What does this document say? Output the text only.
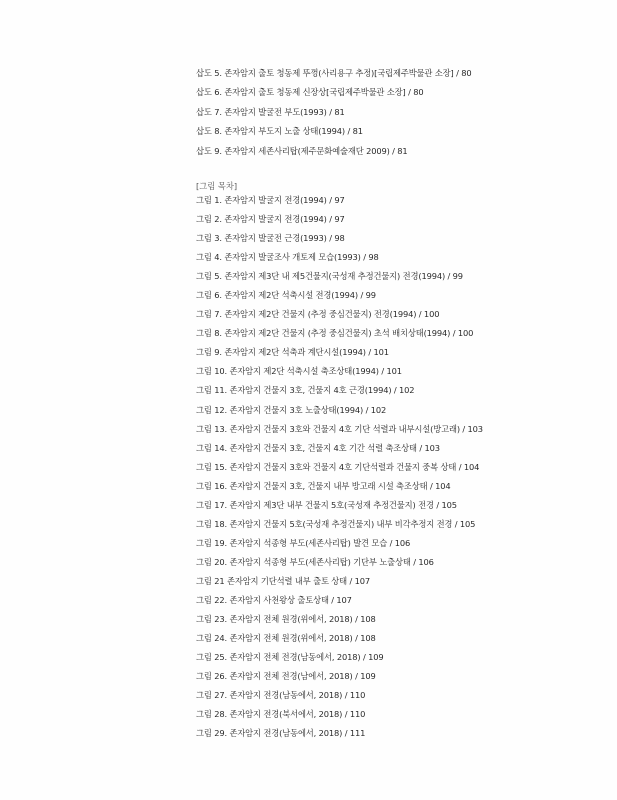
삽도 5. 존자암지 출토 청동제 뚜껑(사리용구 추정)[국립제주박물관 소장] / 80
삽도 6. 존자암지 출토 청동제 신장상[국립제주박물관 소장] / 80
삽도 7. 존자암지 발굴전 부도(1993) / 81
삽도 8. 존자암지 부도지 노출 상태(1994) / 81
삽도 9. 존자암지 세존사리탑(제주문화예술재단 2009) / 81
[그림 목차]
그림 1. 존자암지 발굴지 전경(1994) / 97
그림 2. 존자암지 발굴지 전경(1994) / 97
그림 3. 존자암지 발굴전 근경(1993) / 98
그림 4. 존자암지 발굴조사 개토제 모습(1993) / 98
그림 5. 존자암지 제3단 내 제5건물지(국성재 추정건물지) 전경(1994) / 99
그림 6. 존자암지 제2단 석축시설 전경(1994) / 99
그림 7. 존자암지 제2단 건물지 (추정 중심건물지) 전경(1994) / 100
그림 8. 존자암지 제2단 건물지 (추정 중심건물지) 초석 배치상태(1994) / 100
그림 9. 존자암지 제2단 석축과 계단시설(1994) / 101
그림 10. 존자암지 제2단 석축시설 축조상태(1994) / 101
그림 11. 존자암지 건물지 3호, 건물지 4호 근경(1994) / 102
그림 12. 존자암지 건물지 3호 노출상태(1994) / 102
그림 13. 존자암지 건물지 3호와 건물지 4호 기단 석렬과 내부시설(방고래) / 103
그림 14. 존자암지 건물지 3호, 건물지 4호 기간 석렬 축조상태 / 103
그림 15. 존자암지 건물지 3호와 건물지 4호 기단석렬과 건물지 중복 상태 / 104
그림 16. 존자암지 건물지 3호, 건물지 내부 방고래 시설 축조상태 / 104
그림 17. 존자암지 제3단 내부 건물지 5호(국성재 추정건물지) 전경 / 105
그림 18. 존자암지 건물지 5호(국성재 추정건물지) 내부 비각추정지 전경 / 105
그림 19. 존자암지 석종형 부도(세존사리탑) 발견 모습 / 106
그림 20. 존자암지 석종형 부도(세존사리탑) 기단부 노출상태 / 106
그림 21 존자암지 기단석렬 내부 출토 상태 / 107
그림 22. 존자암지 사천왕상 출토상태 / 107
그림 23. 존자암지 전체 원경(위에서, 2018) / 108
그림 24. 존자암지 전체 원경(위에서, 2018) / 108
그림 25. 존자암지 전체 전경(남동에서, 2018) / 109
그림 26. 존자암지 전체 전경(남에서, 2018) / 109
그림 27. 존자암지 전경(남동에서, 2018) / 110
그림 28. 존자암지 전경(북서에서, 2018) / 110
그림 29. 존자암지 전경(남동에서, 2018) / 111
